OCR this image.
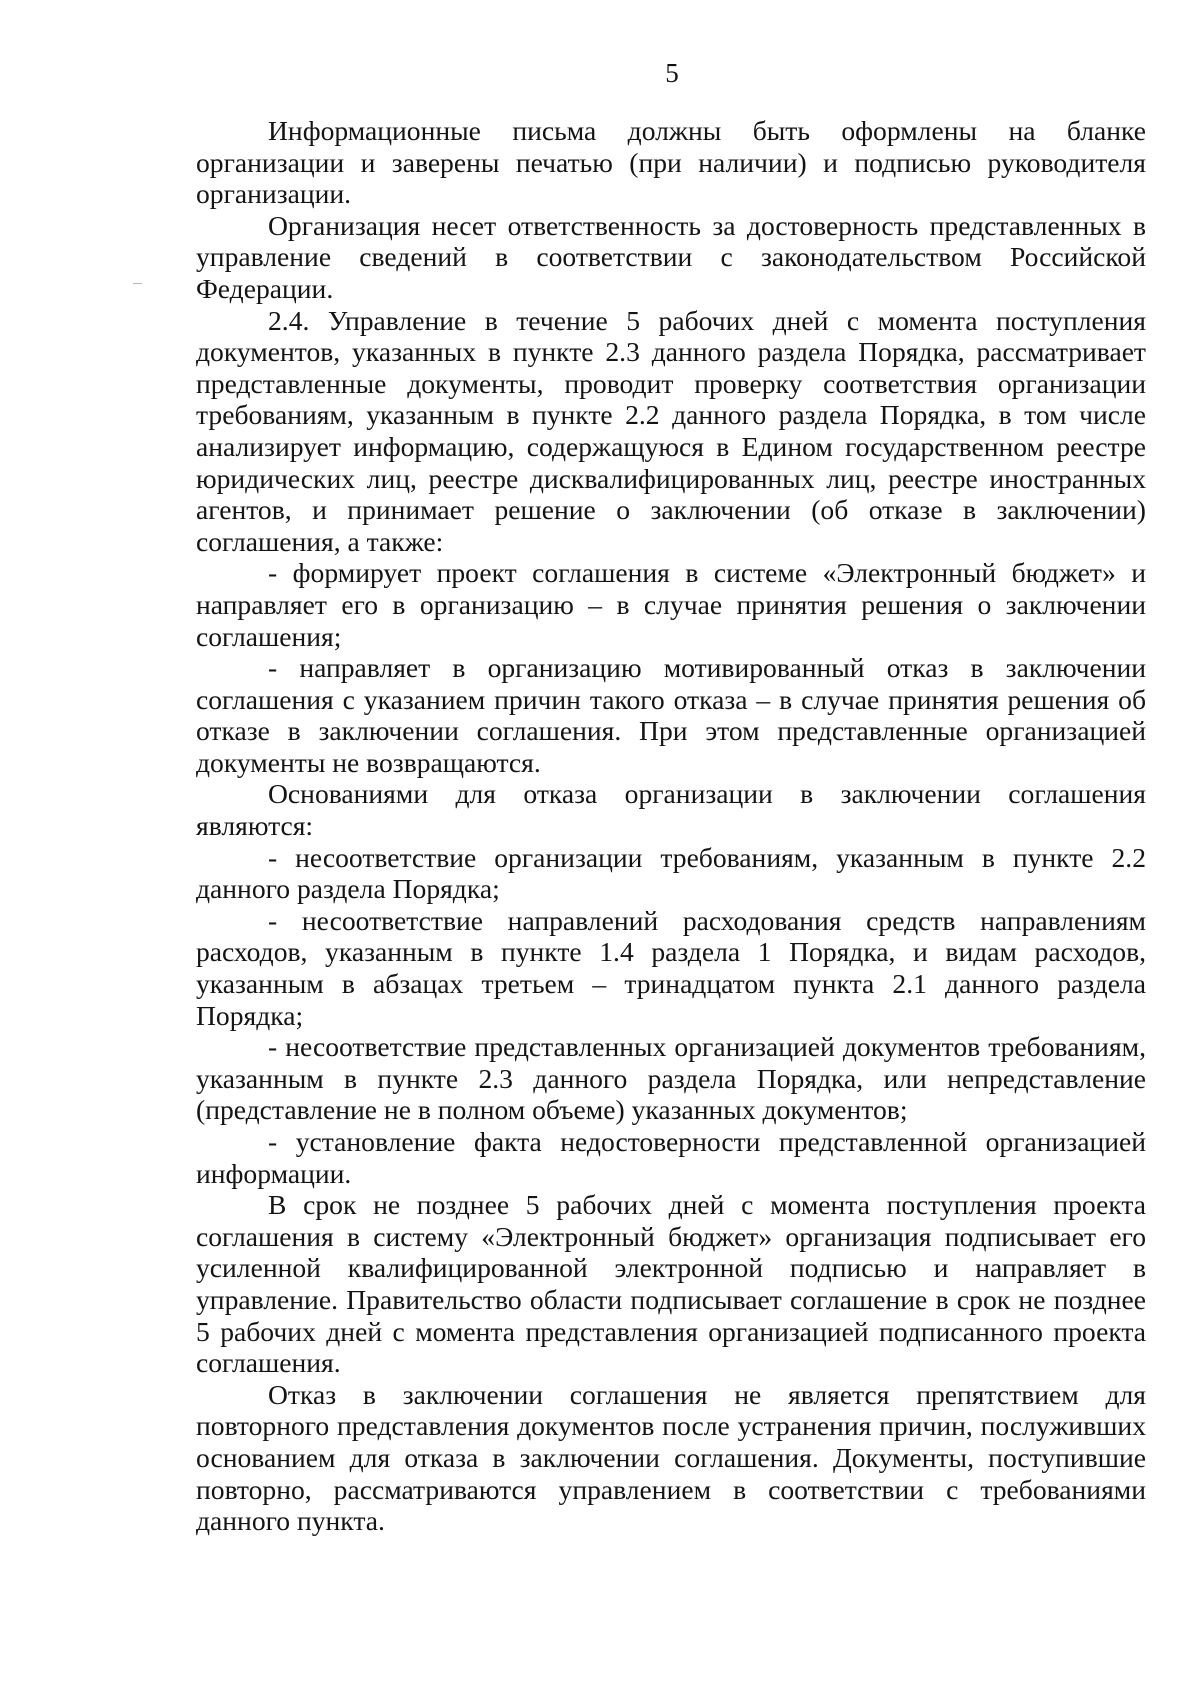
5

Информационные письма должны быть оформлены на бланке организации и заверены печатью (при наличии) и подписью руководителя организации.

Организация несет ответственность за достоверность представленных в управление сведений в соответствии с законодательством Российской Федерации.

2.4. Управление в течение 5 рабочих дней с момента поступления документов, указанных в пункте 2.3 данного раздела Порядка, рассматривает представленные документы, проводит проверку соответствия организации требованиям, указанным в пункте 2.2 данного раздела Порядка, в том числе анализирует информацию, содержащуюся в Едином государственном реестре юридических лиц, реестре дисквалифицированных лиц, реестре иностранных агентов, и принимает решение о заключении (об отказе в заключении) соглашения, а также:

- формирует проект соглашения в системе «Электронный бюджет» и направляет его в организацию – в случае принятия решения о заключении соглашения;

- направляет в организацию мотивированный отказ в заключении соглашения с указанием причин такого отказа – в случае принятия решения об отказе в заключении соглашения. При этом представленные организацией документы не возвращаются.

Основаниями для отказа организации в заключении соглашения являются:

- несоответствие организации требованиям, указанным в пункте 2.2 данного раздела Порядка;

- несоответствие направлений расходования средств направлениям расходов, указанным в пункте 1.4 раздела 1 Порядка, и видам расходов, указанным в абзацах третьем – тринадцатом пункта 2.1 данного раздела Порядка;

- несоответствие представленных организацией документов требованиям, указанным в пункте 2.3 данного раздела Порядка, или непредставление (представление не в полном объеме) указанных документов;

- установление факта недостоверности представленной организацией информации.

В срок не позднее 5 рабочих дней с момента поступления проекта соглашения в систему «Электронный бюджет» организация подписывает его усиленной квалифицированной электронной подписью и направляет в управление. Правительство области подписывает соглашение в срок не позднее 5 рабочих дней с момента представления организацией подписанного проекта соглашения.

Отказ в заключении соглашения не является препятствием для повторного представления документов после устранения причин, послуживших основанием для отказа в заключении соглашения. Документы, поступившие повторно, рассматриваются управлением в соответствии с требованиями данного пункта.
